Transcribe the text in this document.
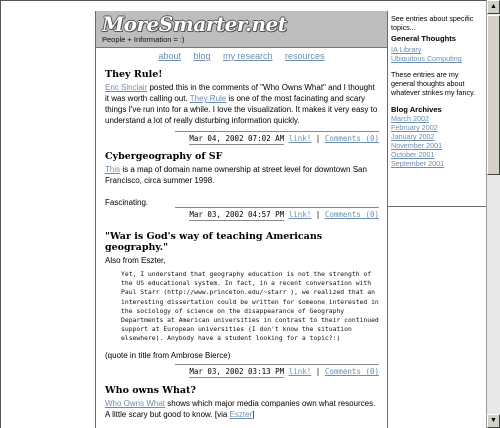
MoreSmarter.net
People + Information = :)
about blog my research resources
They Rule!

Eric Sinclair posted this in the comments of "Who Owns What" and I thought it was worth calling out. They Rule is one of the most facinating and scary things I've run into for a while. I love the visualization. It makes it very easy to understand a lot of really disturbing information quickly.

Mar 04, 2002 07:02 AM link! | Comments (0)
Cybergeography of SF

This is a map of domain name ownership at street level for downtown San Francisco, circa summer 1998.

Fascinating.

Mar 03, 2002 04:57 PM link! | Comments (0)
"War is God's way of teaching Americans geography."

Also from Eszter,

Yet, I understand that geography education is not the strength of the US educational system. In fact, in a recent conversation with Paul Starr (http://www.princeton.edu/~starr ), we realized that an interesting dissertation could be written for someone interested in the sociology of science on the disappearance of Geography Departments at American universities in contrast to their continued support at European universities (I don't know the situation elsewhere). Anybody have a student looking for a topic?:)

(quote in title from Ambrose Bierce)

Mar 03, 2002 03:13 PM link! | Comments (0)
Who owns What?

Who Owns What shows which major media companies own what resources. A little scary but good to know. [via Eszter]

See entries about specific topics...

General Thoughts

IA Library
Ubiquitous Computing

These entries are my general thoughts about whatever strikes my fancy.

Blog Archives

March 2002
February 2002
January 2002
November 2001
October 2001
September 2001
▲
▼
